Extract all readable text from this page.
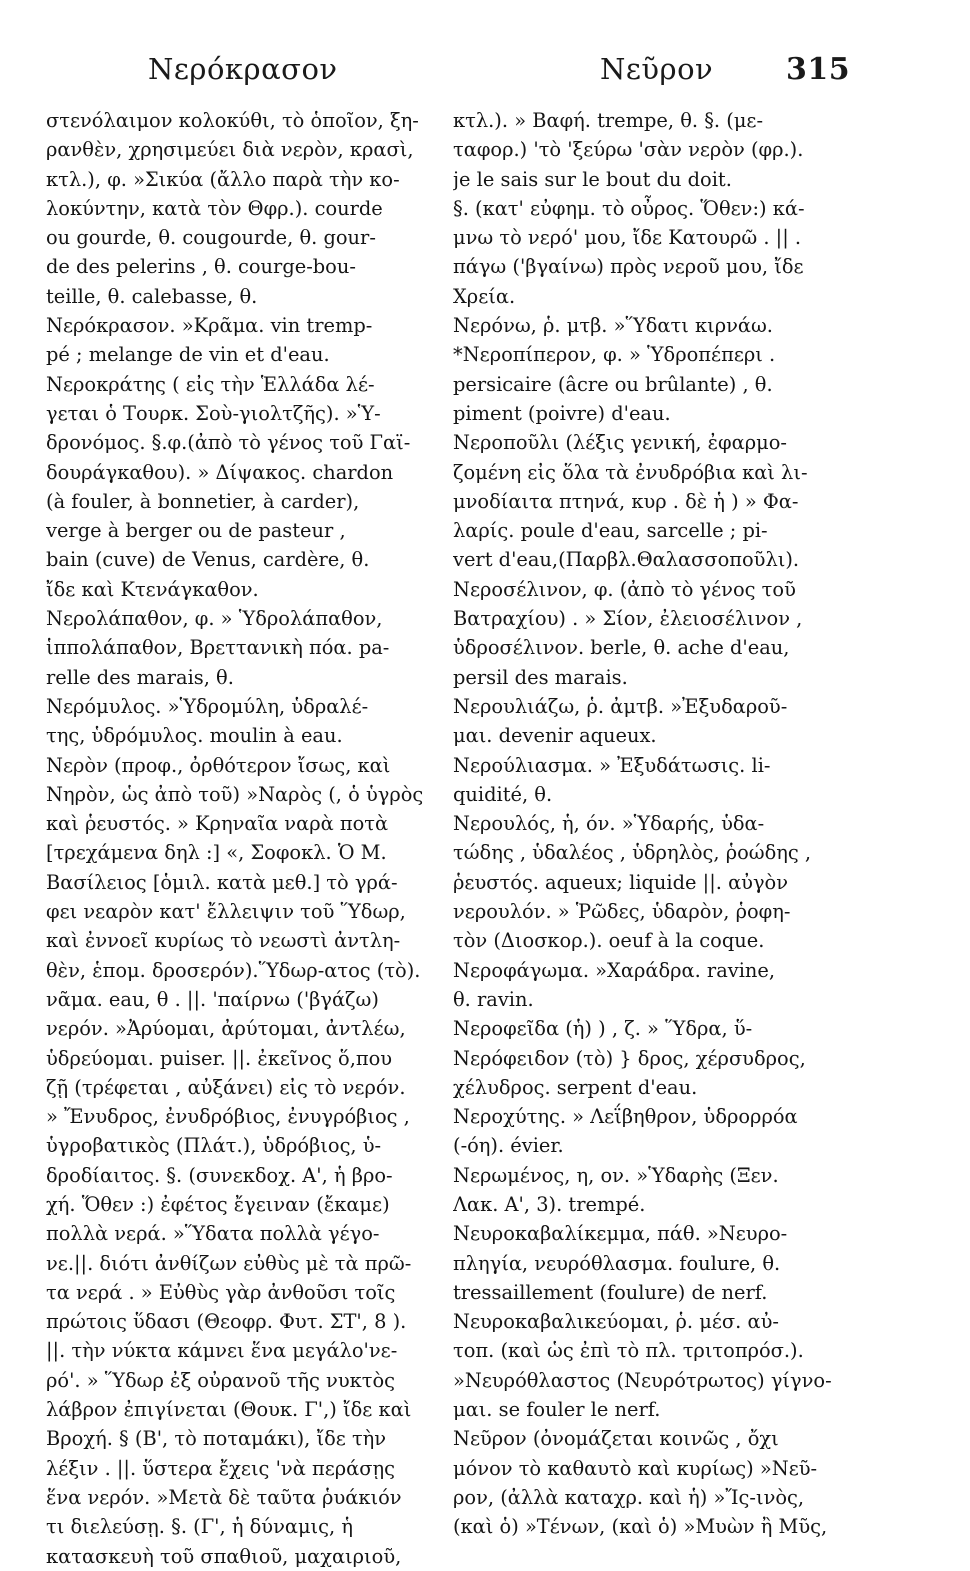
Νερόκρασον	Νεῦρον 315
στενόλαιμον κολοκύθι, τὸ ὁποῖον, ξη-
ρανθὲν, χρησιμεύει διὰ νερὸν, κρασὶ,
κτλ.), φ. »Σικύα (ἄλλο παρὰ τὴν κο-
λοκύντην, κατὰ τὸν Θφρ.). courde
ou gourde, θ. cougourde, θ. gour-
de des pelerins , θ. courge-bou-
teille, θ. calebasse, θ.
Νερόκρασον. »Κρᾶμα. vin tremp-
pé ; melange de vin et d'eau.
Νεροκράτης ( εἰς τὴν Ἑλλάδα λέ-
γεται ὁ Τουρκ. Σοὺ-γιολτζῆς). »Ὑ-
δρονόμος. §.φ.(ἀπὸ τὸ γένος τοῦ Γαϊ-
δουράγκαθου). » Δίψακος. chardon
(à fouler, à bonnetier, à carder),
verge à berger ou de pasteur ,
bain (cuve) de Venus, cardère, θ.
ἴδε καὶ Κτενάγκαθον.
Νερολάπαθον, φ. » Ὑδρολάπαθον,
ἱππολάπαθον, Βρεττανικὴ πόα. pa-
relle des marais, θ.
Νερόμυλος. »Ὑδρομύλη, ὑδραλέ-
της, ὑδρόμυλος. moulin à eau.
Νερὸν (προφ., ὀρθότερον ἴσως, καὶ
Νηρὸν, ὡς ἀπὸ τοῦ) »Ναρὸς (, ὁ ὑγρὸς
καὶ ῥευστός. » Κρηναῖα ναρὰ ποτὰ
[τρεχάμενα δηλ :] «, Σοφοκλ. Ὁ Μ.
Βασίλειος [ὁμιλ. κατὰ μεθ.] τὸ γρά-
φει νεαρὸν κατ' ἔλλειψιν τοῦ Ὕδωρ,
καὶ ἐννοεῖ κυρίως τὸ νεωστὶ ἀντλη-
θὲν, ἑπομ. δροσερόν).Ὕδωρ-ατος (τὸ).
νᾶμα. eau, θ . ||. 'παίρνω ('βγάζω)
νερόν. »Ἀρύομαι, ἀρύτομαι, ἀντλέω,
ὑδρεύομαι. puiser. ||. ἐκεῖνος ὅ,που
ζῇ (τρέφεται , αὐξάνει) εἰς τὸ νερόν.
» Ἔνυδρος, ἐνυδρόβιος, ἐνυγρόβιος ,
ὑγροβατικὸς (Πλάτ.), ὑδρόβιος, ὑ-
δροδίαιτος. §. (συνεκδοχ. Α', ἡ βρο-
χή. Ὅθεν :) ἐφέτος ἔγειναν (ἔκαμε)
πολλὰ νερά. »Ὕδατα πολλὰ γέγο-
νε.||. διότι ἀνθίζων εὐθὺς μὲ τὰ πρῶ-
τα νερά . » Εὐθὺς γὰρ ἀνθοῦσι τοῖς
πρώτοις ὕδασι (Θεοφρ. Φυτ. ΣΤ', 8 ).
||. τὴν νύκτα κάμνει ἕνα μεγάλο'νε-
ρό'. » Ὕδωρ ἐξ οὐρανοῦ τῆς νυκτὸς
λάβρον ἐπιγίνεται (Θουκ. Γ',) ἴδε καὶ
Βροχή. § (Β', τὸ ποταμάκι), ἴδε τὴν
λέξιν . ||. ὕστερα ἔχεις 'νὰ περάσῃς
ἕνα νερόν. »Μετὰ δὲ ταῦτα ῥυάκιόν
τι διελεύσῃ. §. (Γ', ἡ δύναμις, ἡ
κατασκευὴ τοῦ σπαθιοῦ, μαχαιριοῦ,
κτλ.). » Βαφή. trempe, θ. §. (με-
ταφορ.) 'τὸ 'ξεύρω 'σὰν νερὸν (φρ.).
je le sais sur le bout du doit.
§. (κατ' εὐφημ. τὸ οὖρος. Ὅθεν:) κά-
μνω τὸ νερό' μου, ἴδε Κατουρῶ . || .
πάγω ('βγαίνω) πρὸς νεροῦ μου, ἴδε
Χρεία.
Νερόνω, ῥ. μτβ. »Ὕδατι κιρνάω.
*Νεροπίπερον, φ. » Ὑδροπέπερι .
persicaire (âcre ou brûlante) , θ.
piment (poivre) d'eau.
Νεροποῦλι (λέξις γενική, ἐφαρμο-
ζομένη εἰς ὅλα τὰ ἐνυδρόβια καὶ λι-
μνοδίαιτα πτηνά, κυρ . δὲ ἡ ) » Φα-
λαρίς. poule d'eau, sarcelle ; pi-
vert d'eau,(Παρβλ.Θαλασσοποῦλι).
Νεροσέλινον, φ. (ἀπὸ τὸ γένος τοῦ
Βατραχίου) . » Σίον, ἐλειοσέλινον ,
ὑδροσέλινον. berle, θ. ache d'eau,
persil des marais.
Νερουλιάζω, ῥ. ἀμτβ. »Ἐξυδαροῦ-
μαι. devenir aqueux.
Νερούλιασμα. » Ἐξυδάτωσις. li-
quidité, θ.
Νερουλός, ἡ, όν. »Ὑδαρής, ὑδα-
τώδης , ὑδαλέος , ὑδρηλὸς, ῥοώδης ,
ῥευστός. aqueux; liquide ||. αὐγὸν
νερουλόν. » Ῥῶδες, ὑδαρὸν, ῥοφη-
τὸν (Διοσκορ.). oeuf à la coque.
Νεροφάγωμα. »Χαράδρα. ravine,
θ. ravin.
Νεροφεῖδα (ἡ) ) , ζ. » Ὕδρα, ὕ-
Νερόφειδον (τὸ) } δρος, χέρσυδρος,
χέλυδρος. serpent d'eau.
Νεροχύτης. » Λεΐβηθρον, ὑδρορρόα
(-όη). évier.
Νερωμένος, η, ον. »Ὑδαρὴς (Ξεν.
Λακ. Α', 3). trempé.
Νευροκαβαλίκεμμα, πάθ. »Νευρο-
πληγία, νευρόθλασμα. foulure, θ.
tressaillement (foulure) de nerf.
Νευροκαβαλικεύομαι, ῥ. μέσ. αὐ-
τοπ. (καὶ ὡς ἐπὶ τὸ πλ. τριτοπρόσ.).
»Νευρόθλαστος (Νευρότρωτος) γίγνο-
μαι. se fouler le nerf.
Νεῦρον (ὀνομάζεται κοινῶς , ὄχι
μόνον τὸ καθαυτὸ καὶ κυρίως) »Νεῦ-
ρον, (ἀλλὰ καταχρ. καὶ ἡ) »Ἴς-ινὸς,
(καὶ ὁ) »Τένων, (καὶ ὁ) »Μυὼν ἢ Μῦς,
